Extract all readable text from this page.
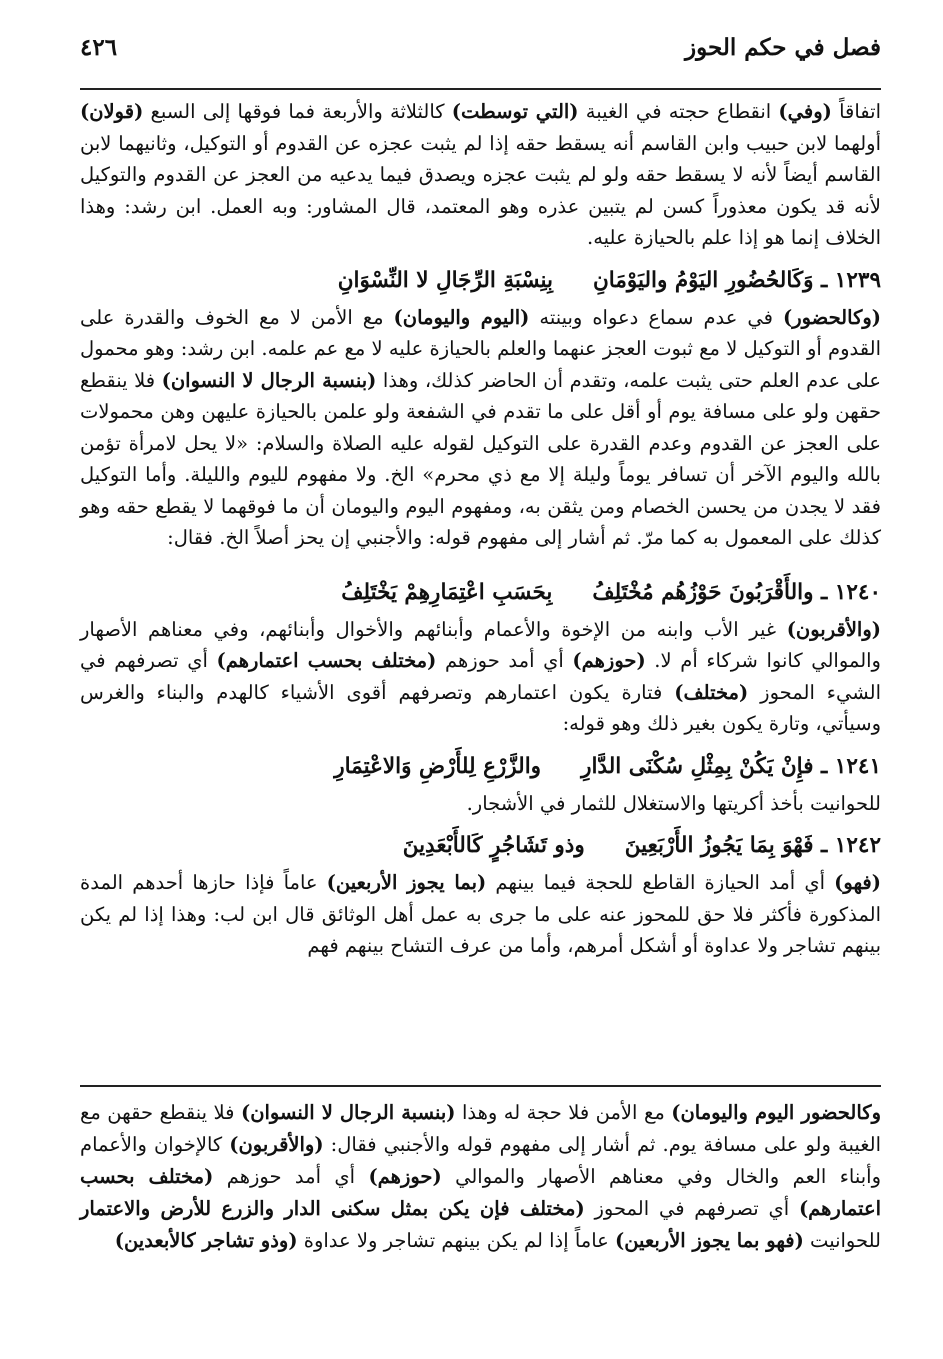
فصل في حكم الحوز
٤٢٦

اتفاقاً (وفي) انقطاع حجته في الغيبة (التي توسطت) كالثلاثة والأربعة فما فوقها إلى السبع (قولان) أولهما لابن حبيب وابن القاسم أنه يسقط حقه إذا لم يثبت عجزه عن القدوم أو التوكيل، وثانيهما لابن القاسم أيضاً لأنه لا يسقط حقه ولو لم يثبت عجزه ويصدق فيما يدعيه من العجز عن القدوم والتوكيل لأنه قد يكون معذوراً كسن لم يتبين عذره وهو المعتمد، قال المشاور: وبه العمل. ابن رشد: وهذا الخلاف إنما هو إذا علم بالحيازة عليه.

١٢٣٩ ـ وَكَالحُضُورِ اليَوْمُ واليَوْمَانِبِنِسْبَةِ الرِّجَالِ لا النِّسْوَانِ

(وكالحضور) في عدم سماع دعواه وبينته (اليوم واليومان) مع الأمن لا مع الخوف والقدرة على القدوم أو التوكيل لا مع ثبوت العجز عنهما والعلم بالحيازة عليه لا مع عم علمه. ابن رشد: وهو محمول على عدم العلم حتى يثبت علمه، وتقدم أن الحاضر كذلك، وهذا (بنسبة الرجال لا النسوان) فلا ينقطع حقهن ولو على مسافة يوم أو أقل على ما تقدم في الشفعة ولو علمن بالحيازة عليهن وهن محمولات على العجز عن القدوم وعدم القدرة على التوكيل لقوله عليه الصلاة والسلام: «لا يحل لامرأة تؤمن بالله واليوم الآخر أن تسافر يوماً وليلة إلا مع ذي محرم» الخ. ولا مفهوم لليوم والليلة. وأما التوكيل فقد لا يجدن من يحسن الخصام ومن يثقن به، ومفهوم اليوم واليومان أن ما فوقهما لا يقطع حقه وهو كذلك على المعمول به كما مرّ. ثم أشار إلى مفهوم قوله: والأجنبي إن يحز أصلاً الخ. فقال:

١٢٤٠ ـ والأَقْرَبُونَ حَوْزُهُم مُخْتَلِفُبِحَسَبِ اعْتِمَارِهِمْ يَخْتَلِفُ

(والأقربون) غير الأب وابنه من الإخوة والأعمام وأبنائهم والأخوال وأبنائهم، وفي معناهم الأصهار والموالي كانوا شركاء أم لا. (حوزهم) أي أمد حوزهم (مختلف بحسب اعتمارهم) أي تصرفهم في الشيء المحوز (مختلف) فتارة يكون اعتمارهم وتصرفهم أقوى الأشياء كالهدم والبناء والغرس وسيأتي، وتارة يكون بغير ذلك وهو قوله:

١٢٤١ ـ فإِنْ يَكُنْ بِمِثْلِ سُكْنَى الدَّارِوالزَّرْعِ لِلأَرْضِ وَالاعْتِمَارِ

للحوانيت بأخذ أكريتها والاستغلال للثمار في الأشجار.

١٢٤٢ ـ فَهْوَ بِمَا يَجُوزُ الأَرْبَعِينَوذو تَشَاجُرٍ كَالأَبْعَدِينَ

(فهو) أي أمد الحيازة القاطع للحجة فيما بينهم (بما يجوز الأربعين) عاماً فإذا حازها أحدهم المدة المذكورة فأكثر فلا حق للمحوز عنه على ما جرى به عمل أهل الوثائق قال ابن لب: وهذا إذا لم يكن بينهم تشاجر ولا عداوة أو أشكل أمرهم، وأما من عرف التشاح بينهم فهم

وكالحضور اليوم واليومان) مع الأمن فلا حجة له وهذا (بنسبة الرجال لا النسوان) فلا ينقطع حقهن مع الغيبة ولو على مسافة يوم. ثم أشار إلى مفهوم قوله والأجنبي فقال: (والأقربون) كالإخوان والأعمام وأبناء العم والخال وفي معناهم الأصهار والموالي (حوزهم) أي أمد حوزهم (مختلف بحسب اعتمارهم) أي تصرفهم في المحوز (مختلف فإن يكن بمثل سكنى الدار والزرع للأرض والاعتمار للحوانيت (فهو بما يجوز الأربعين) عاماً إذا لم يكن بينهم تشاجر ولا عداوة (وذو تشاجر كالأبعدين)
